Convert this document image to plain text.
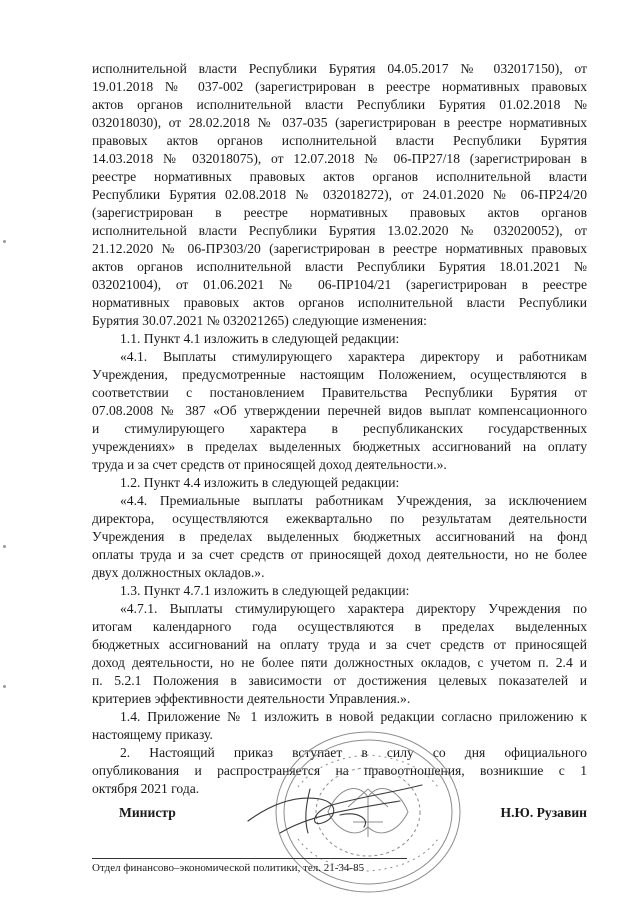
исполнительной власти Республики Бурятия 04.05.2017 № 032017150), от
19.01.2018 № 037-002 (зарегистрирован в реестре нормативных правовых
актов органов исполнительной власти Республики Бурятия 01.02.2018 №
032018030), от 28.02.2018 № 037-035 (зарегистрирован в реестре нормативных
правовых актов органов исполнительной власти Республики Бурятия
14.03.2018 № 032018075), от 12.07.2018 № 06-ПР27/18 (зарегистрирован в
реестре нормативных правовых актов органов исполнительной власти
Республики Бурятия 02.08.2018 № 032018272), от 24.01.2020 № 06-ПР24/20
(зарегистрирован в реестре нормативных правовых актов органов
исполнительной власти Республики Бурятия 13.02.2020 № 032020052), от
21.12.2020 № 06-ПР303/20 (зарегистрирован в реестре нормативных правовых
актов органов исполнительной власти Республики Бурятия 18.01.2021 №
032021004), от 01.06.2021 № 06-ПР104/21 (зарегистрирован в реестре
нормативных правовых актов органов исполнительной власти Республики
Бурятия 30.07.2021 № 032021265) следующие изменения:
1.1. Пункт 4.1 изложить в следующей редакции:
«4.1. Выплаты стимулирующего характера директору и работникам
Учреждения, предусмотренные настоящим Положением, осуществляются в
соответствии с постановлением Правительства Республики Бурятия от
07.08.2008 № 387 «Об утверждении перечней видов выплат компенсационного
и стимулирующего характера в республиканских государственных
учреждениях» в пределах выделенных бюджетных ассигнований на оплату
труда и за счет средств от приносящей доход деятельности.».
1.2. Пункт 4.4 изложить в следующей редакции:
«4.4. Премиальные выплаты работникам Учреждения, за исключением
директора, осуществляются ежеквартально по результатам деятельности
Учреждения в пределах выделенных бюджетных ассигнований на фонд
оплаты труда и за счет средств от приносящей доход деятельности, но не более
двух должностных окладов.».
1.3. Пункт 4.7.1 изложить в следующей редакции:
«4.7.1. Выплаты стимулирующего характера директору Учреждения по
итогам календарного года осуществляются в пределах выделенных
бюджетных ассигнований на оплату труда и за счет средств от приносящей
доход деятельности, но не более пяти должностных окладов, с учетом п. 2.4 и
п. 5.2.1 Положения в зависимости от достижения целевых показателей и
критериев эффективности деятельности Управления.».
1.4. Приложение № 1 изложить в новой редакции согласно приложению к
настоящему приказу.
2. Настоящий приказ вступает в силу со дня официального
опубликования и распространяется на правоотношения, возникшие с 1
октября 2021 года.
Министр	Н.Ю. Рузавин
Отдел финансово–экономической политики, тел. 21-34-85
